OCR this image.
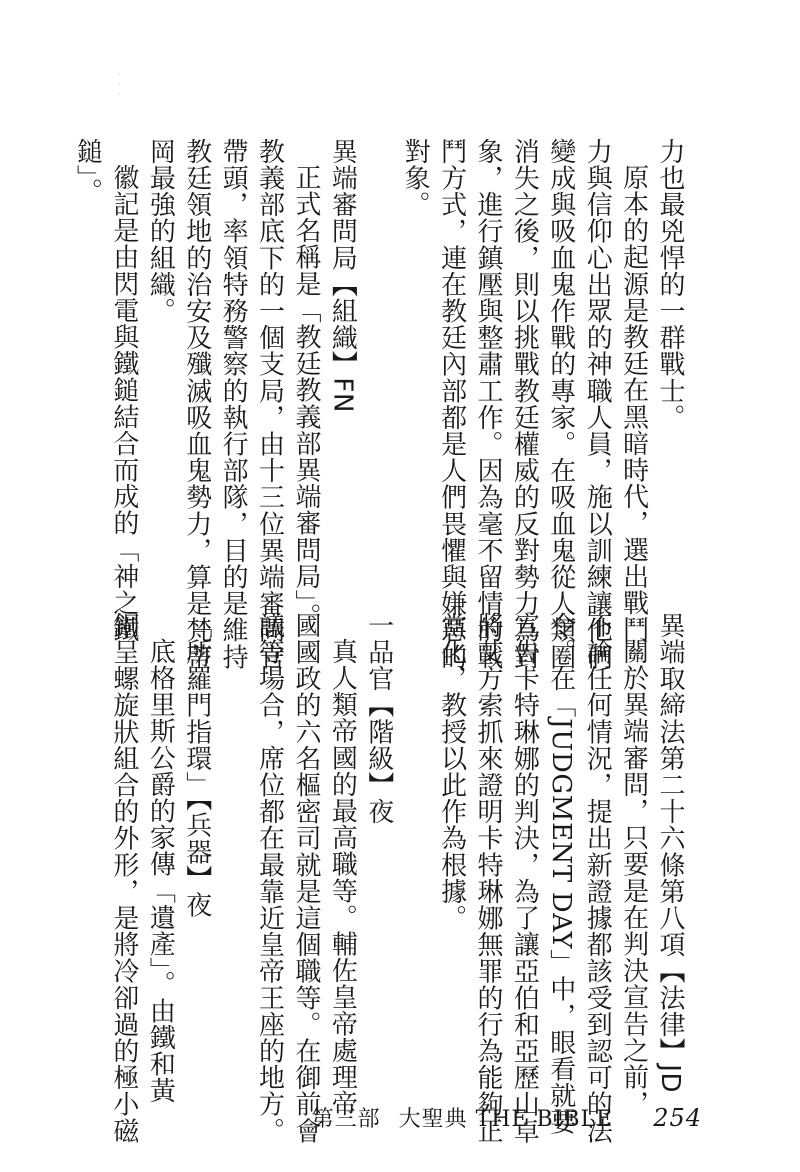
力也最兇悍的一群戰士。
原本的起源是教廷在黑暗時代，選出戰鬥
力與信仰心出眾的神職人員，施以訓練讓他們
變成與吸血鬼作戰的專家。在吸血鬼從人類圈
消失之後，則以挑戰教廷權威的反對勢力為對
象，進行鎮壓與整肅工作。因為毫不留情的戰
鬥方式，連在教廷內部都是人們畏懼與嫌惡的
對象。

異端審問局【組織】FN
正式名稱是「教廷教義部異端審問局」。
教義部底下的一個支局，由十三位異端審問官
帶頭，率領特務警察的執行部隊，目的是維持
教廷領地的治安及殲滅吸血鬼勢力，算是梵蒂
岡最強的組織。
徽記是由閃電與鐵鎚結合而成的「神之鐵
鎚」。
異端取締法第二十六條第八項【法律】JD
關於異端審問，只要是在判決宣告之前，
不論任何情況，提出新證據都該受到認可的法
令。在「JUDGMENT DAY」中，眼看就要
宣告卡特琳娜的判決，為了讓亞伯和亞歷山卓
將艾方索抓來證明卡特琳娜無罪的行為能夠正
當化，教授以此作為根據。

一品官【階級】夜
真人類帝國的最高職等。輔佐皇帝處理帝
國國政的六名樞密司就是這個職等。在御前會
議等場合，席位都在最靠近皇帝王座的地方。

「所羅門指環」【兵器】夜
底格里斯公爵的家傳「遺產」。由鐵和黃
銅呈螺旋狀組合的外形，是將冷卻過的極小磁
·
·
·
第三部 大聖典 THE BIBLE 254
